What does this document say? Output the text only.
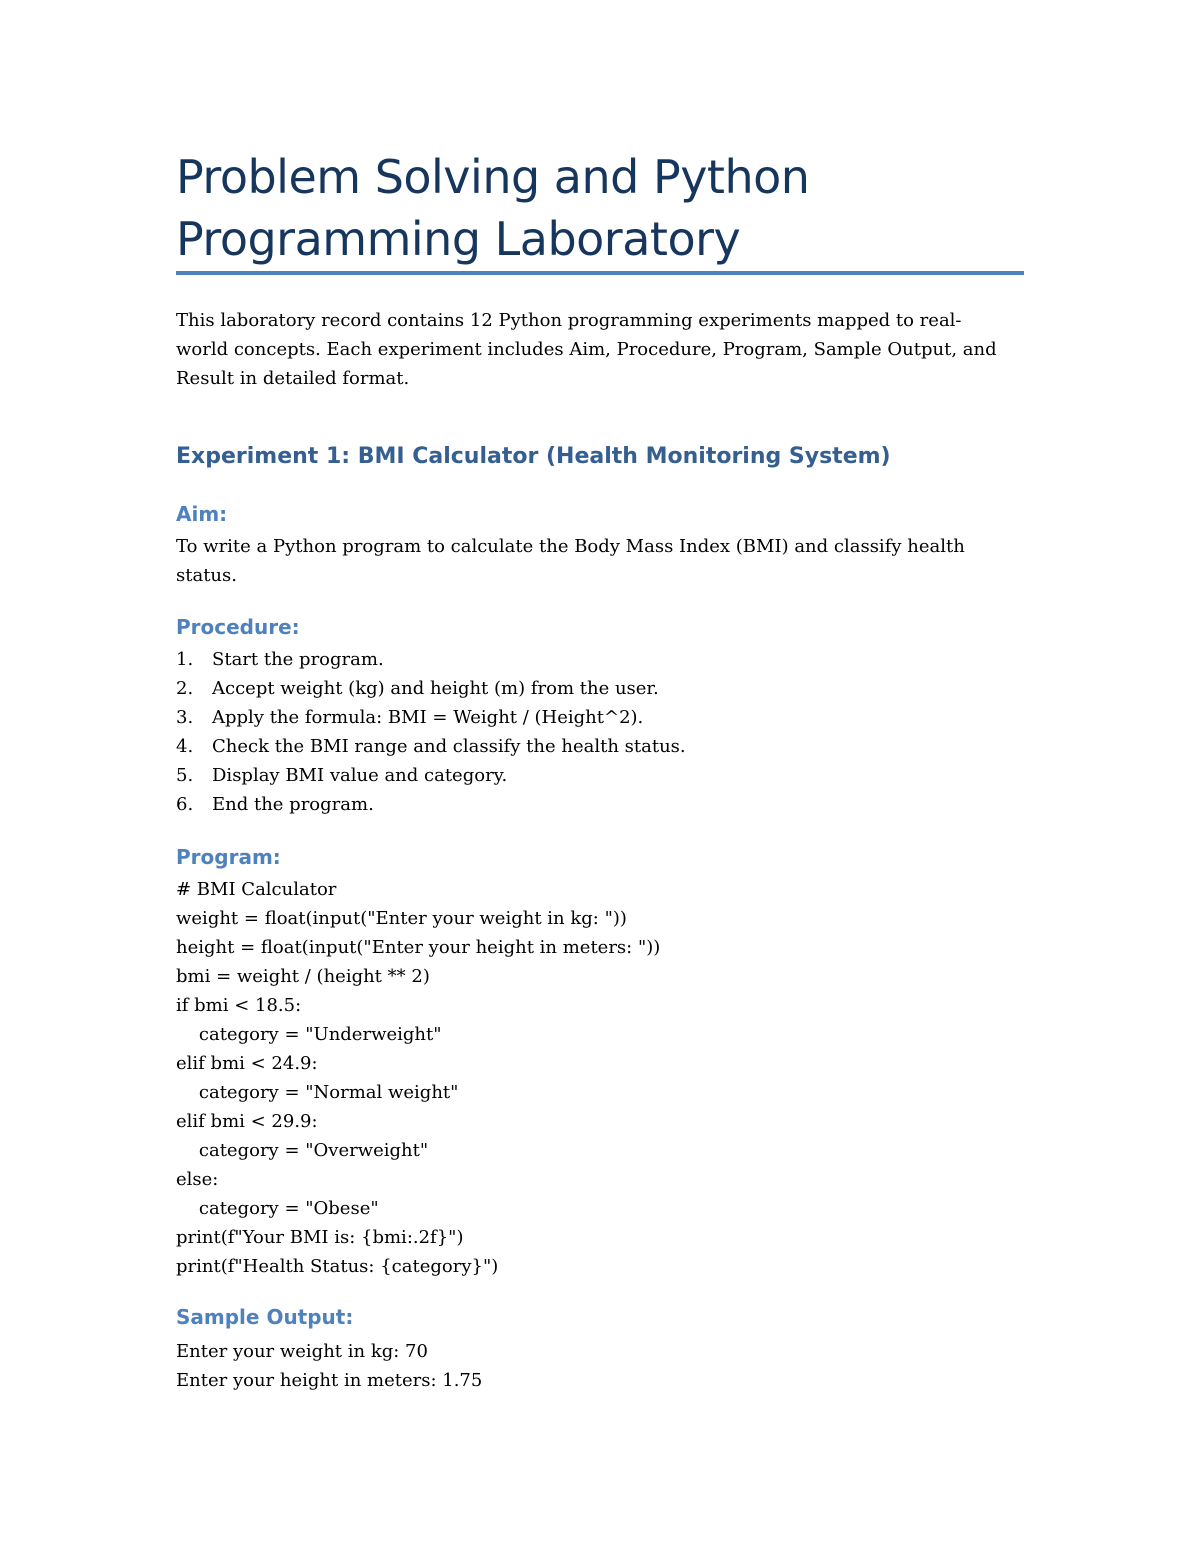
Problem Solving and Python
Programming Laboratory

This laboratory record contains 12 Python programming experiments mapped to real-world concepts. Each experiment includes Aim, Procedure, Program, Sample Output, and Result in detailed format.

Experiment 1: BMI Calculator (Health Monitoring System)
Aim:

To write a Python program to calculate the Body Mass Index (BMI) and classify health status.

Procedure:
1. Start the program.
2. Accept weight (kg) and height (m) from the user.
3. Apply the formula: BMI = Weight / (Height^2).
4. Check the BMI range and classify the health status.
5. Display BMI value and category.
6. End the program.
Program:
# BMI Calculator
weight = float(input("Enter your weight in kg: "))
height = float(input("Enter your height in meters: "))
bmi = weight / (height ** 2)
if bmi < 18.5:
category = "Underweight"
elif bmi < 24.9:
category = "Normal weight"
elif bmi < 29.9:
category = "Overweight"
else:
category = "Obese"
print(f"Your BMI is: {bmi:.2f}")
print(f"Health Status: {category}")
Sample Output:
Enter your weight in kg: 70
Enter your height in meters: 1.75
